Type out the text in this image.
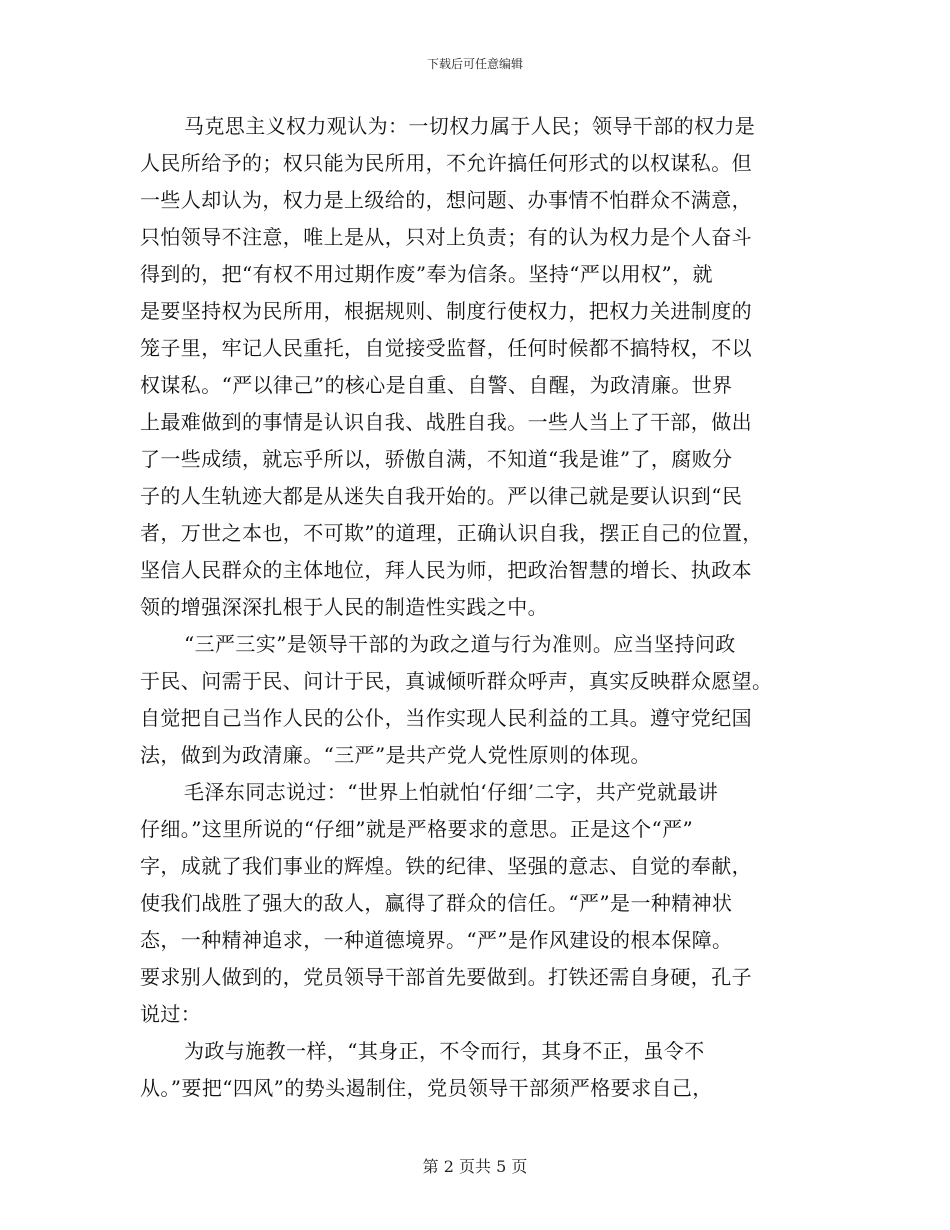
下载后可任意编辑
马克思主义权力观认为：一切权力属于人民；领导干部的权力是
人民所给予的；权只能为民所用，不允许搞任何形式的以权谋私。但
一些人却认为，权力是上级给的，想问题、办事情不怕群众不满意，
只怕领导不注意，唯上是从，只对上负责；有的认为权力是个人奋斗
得到的，把“有权不用过期作废”奉为信条。坚持“严以用权”，就
是要坚持权为民所用，根据规则、制度行使权力，把权力关进制度的
笼子里，牢记人民重托，自觉接受监督，任何时候都不搞特权，不以
权谋私。“严以律己”的核心是自重、自警、自醒，为政清廉。世界
上最难做到的事情是认识自我、战胜自我。一些人当上了干部，做出
了一些成绩，就忘乎所以，骄傲自满，不知道“我是谁”了，腐败分
子的人生轨迹大都是从迷失自我开始的。严以律己就是要认识到“民
者，万世之本也，不可欺”的道理，正确认识自我，摆正自己的位置，
坚信人民群众的主体地位，拜人民为师，把政治智慧的增长、执政本
领的增强深深扎根于人民的制造性实践之中。
“三严三实”是领导干部的为政之道与行为准则。应当坚持问政
于民、问需于民、问计于民，真诚倾听群众呼声，真实反映群众愿望。
自觉把自己当作人民的公仆，当作实现人民利益的工具。遵守党纪国
法，做到为政清廉。“三严”是共产党人党性原则的体现。
毛泽东同志说过：“世界上怕就怕‘仔细’二字，共产党就最讲
仔细。”这里所说的“仔细”就是严格要求的意思。正是这个“严”
字，成就了我们事业的辉煌。铁的纪律、坚强的意志、自觉的奉献，
使我们战胜了强大的敌人，赢得了群众的信任。“严”是一种精神状
态，一种精神追求，一种道德境界。“严”是作风建设的根本保障。
要求别人做到的，党员领导干部首先要做到。打铁还需自身硬，孔子
说过：
为政与施教一样，“其身正，不令而行，其身不正，虽令不
从。”要把“四风”的势头遏制住，党员领导干部须严格要求自己，
第 2 页共 5 页
